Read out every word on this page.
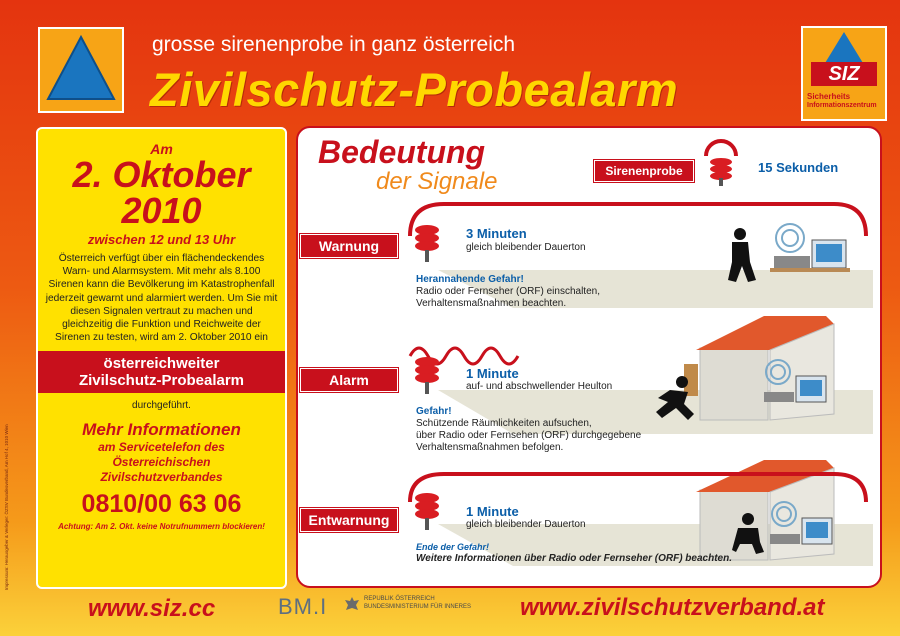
grosse sirenenprobe in ganz österreich
Zivilschutz-Probealarm	SIZ
Sicherheits
Informationszentrum
Impressum: Herausgeber & Verleger: ÖZSV Bundesverband, Am Hof 4, 1010 Wien
Am
2. Oktober
2010
zwischen 12 und 13 Uhr
Österreich verfügt über ein flächendeckendes Warn- und Alarmsystem. Mit mehr als 8.100 Sirenen kann die Bevölkerung im Katastrophenfall jederzeit gewarnt und alarmiert werden. Um Sie mit diesen Signalen vertraut zu machen und gleichzeitig die Funktion und Reichweite der Sirenen zu testen, wird am 2. Oktober 2010 ein
österreichweiter
Zivilschutz-Probealarm
durchgeführt.
Mehr Informationen
am Servicetelefon des
Österreichischen
Zivilschutzverbandes
0810/00 63 06
Achtung: Am 2. Okt. keine Notrufnummern blockieren!
Bedeutung
der Signale	Sirenenprobe	15 Sekunden
Warnung
Alarm
Entwarnung
3 Minuten
gleich bleibender Dauerton
Herannahende Gefahr!
Radio oder Fernseher (ORF) einschalten,
Verhaltensmaßnahmen beachten.
1 Minute
auf- und abschwellender Heulton
Gefahr!
Schützende Räumlichkeiten aufsuchen,
über Radio oder Fernsehen (ORF) durchgegebene
Verhaltensmaßnahmen befolgen.
1 Minute
gleich bleibender Dauerton
Ende der Gefahr!
Weitere Informationen über Radio oder Fernseher (ORF) beachten.
www.siz.cc	BM.I	REPUBLIK ÖSTERREICH
BUNDESMINISTERIUM FÜR INNERES www.zivilschutzverband.at
